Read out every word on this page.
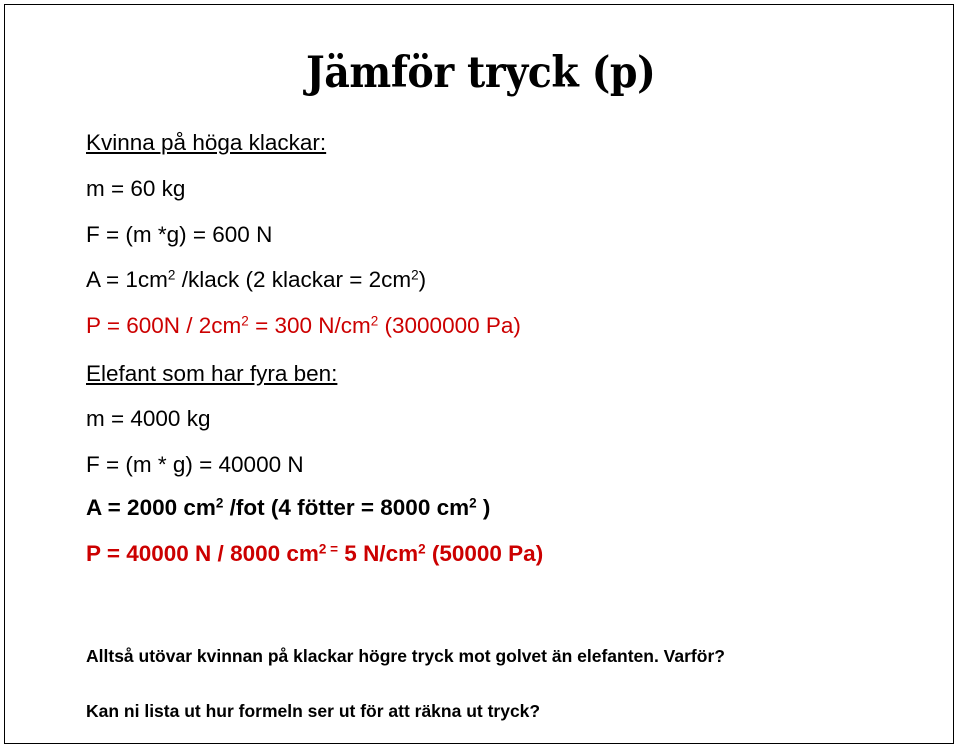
Jämför tryck (p)
Kvinna på höga klackar:
m = 60 kg
F = (m *g) = 600 N
$A = 1cm^2$ /klack (2 klackar = $2cm^2$)
$P = 600N / 2cm^2 = 300$ $N/cm^2$ (3000000 Pa)
Elefant som har fyra ben:
m = 4000 kg
F = (m * g) = 40000 N
A = 2000 $cm^2$ /fot (4 fötter = 8000 $cm^2$ )
P = 40000 N / 8000 $cm^{2 =}$ 5 $N/cm^2$ (50000 Pa)
Alltså utövar kvinnan på klackar högre tryck mot golvet än elefanten. Varför?
Kan ni lista ut hur formeln ser ut för att räkna ut tryck?
